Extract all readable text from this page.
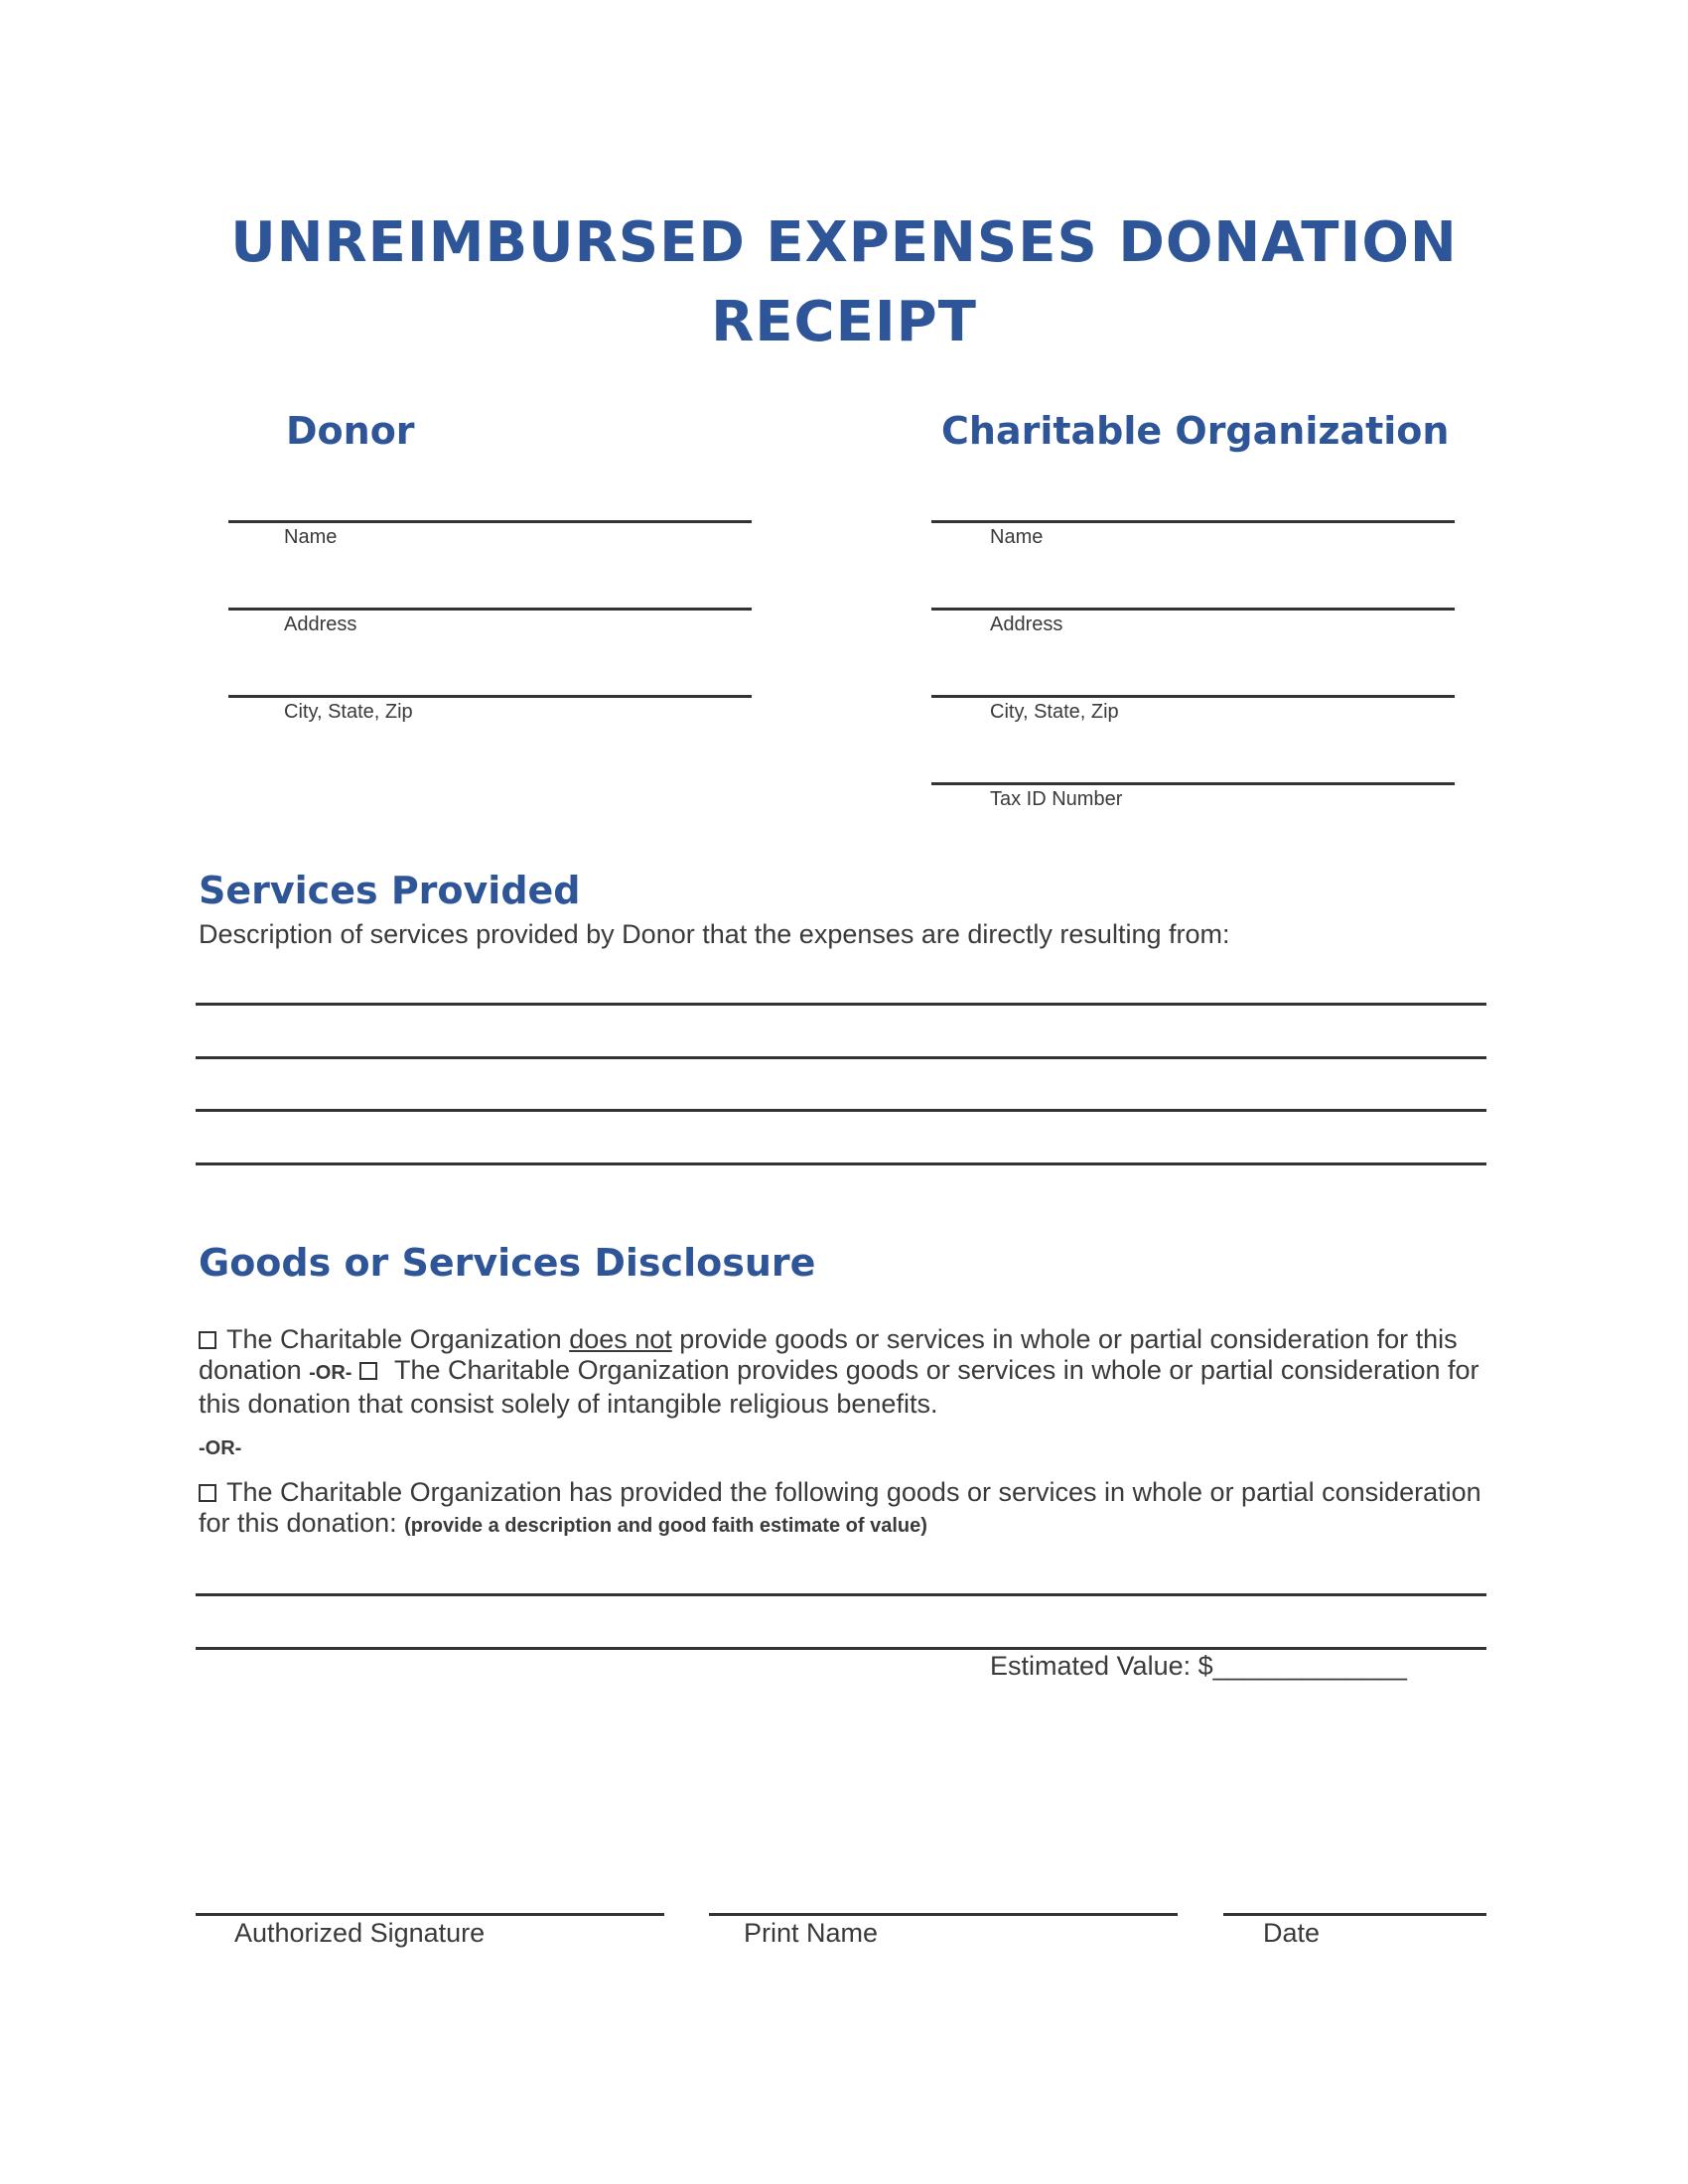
UNREIMBURSED EXPENSES DONATION
RECEIPT
Donor
Name
Address
City, State, Zip
Charitable Organization
Name
Address
City, State, Zip
Tax ID Number
Services Provided
Description of services provided by Donor that the expenses are directly resulting from:
Goods or Services Disclosure
The Charitable Organization does not provide goods or services in whole or partial consideration for this donation -OR-  The Charitable Organization provides goods or services in whole or partial consideration for this donation that consist solely of intangible religious benefits.
-OR-
The Charitable Organization has provided the following goods or services in whole or partial consideration for this donation: (provide a description and good faith estimate of value)
Estimated Value: $_____________
Authorized Signature	Print Name	Date
